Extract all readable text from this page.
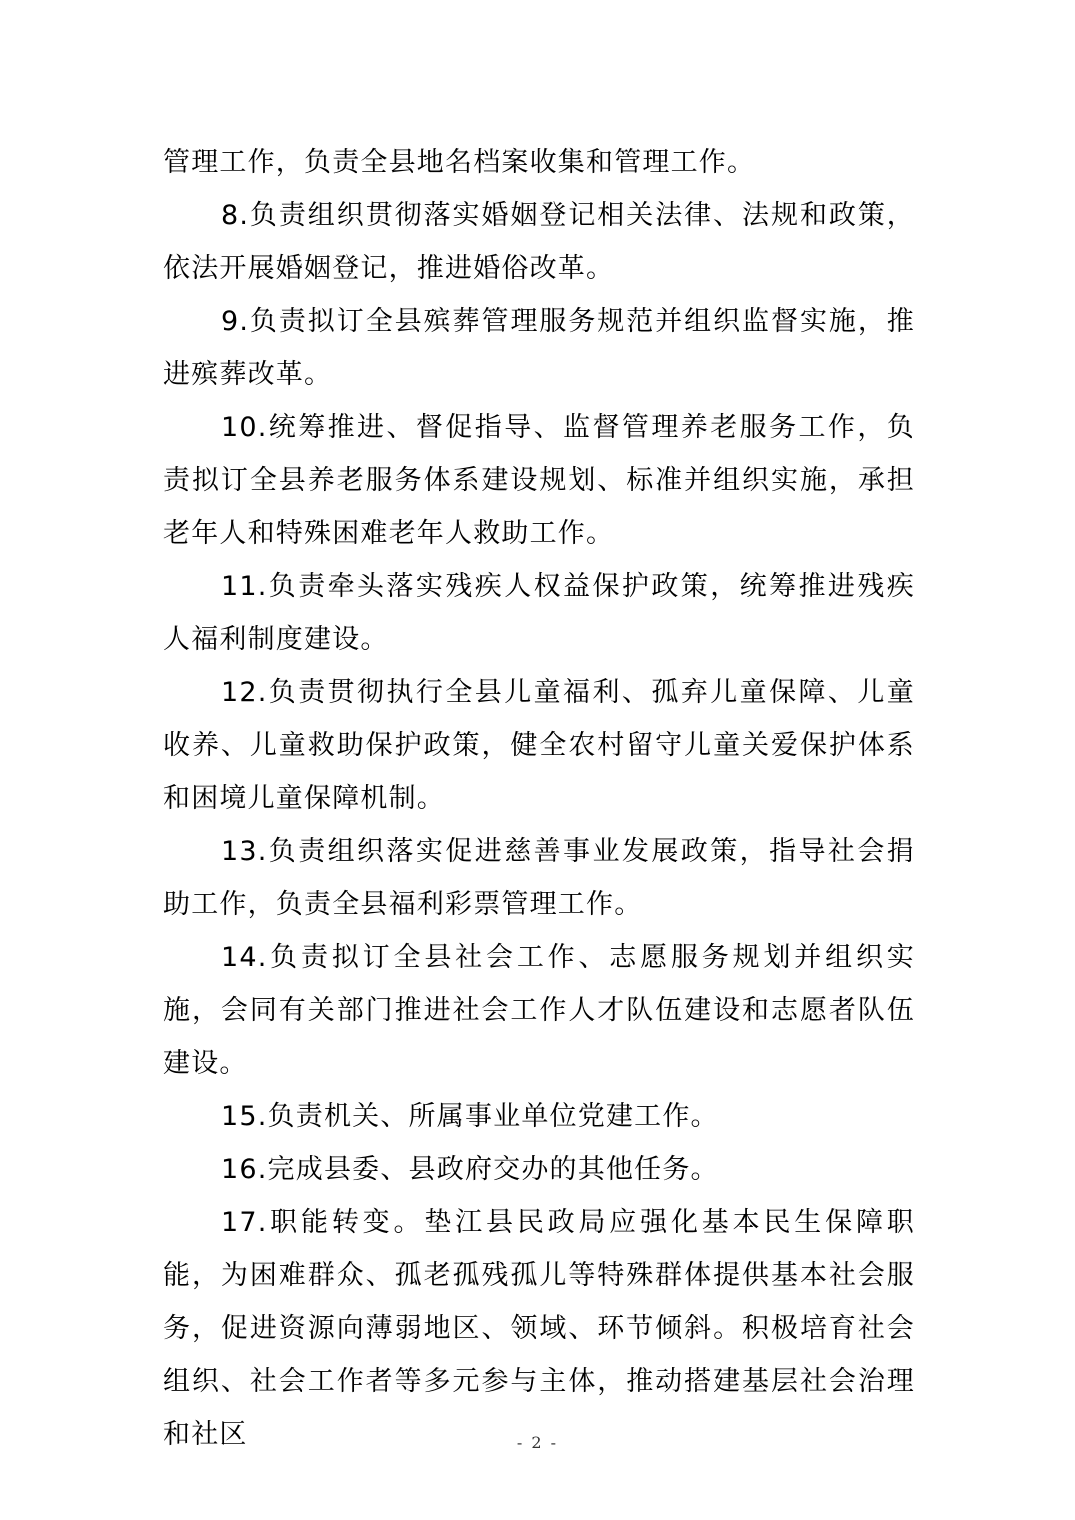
管理工作，负责全县地名档案收集和管理工作。

8.负责组织贯彻落实婚姻登记相关法律、法规和政策，依法开展婚姻登记，推进婚俗改革。

9.负责拟订全县殡葬管理服务规范并组织监督实施，推进殡葬改革。

10.统筹推进、督促指导、监督管理养老服务工作，负责拟订全县养老服务体系建设规划、标准并组织实施，承担老年人和特殊困难老年人救助工作。

11.负责牵头落实残疾人权益保护政策，统筹推进残疾人福利制度建设。

12.负责贯彻执行全县儿童福利、孤弃儿童保障、儿童收养、儿童救助保护政策，健全农村留守儿童关爱保护体系和困境儿童保障机制。

13.负责组织落实促进慈善事业发展政策，指导社会捐助工作，负责全县福利彩票管理工作。

14.负责拟订全县社会工作、志愿服务规划并组织实施，会同有关部门推进社会工作人才队伍建设和志愿者队伍建设。

15.负责机关、所属事业单位党建工作。

16.完成县委、县政府交办的其他任务。

17.职能转变。垫江县民政局应强化基本民生保障职能，为困难群众、孤老孤残孤儿等特殊群体提供基本社会服务，促进资源向薄弱地区、领域、环节倾斜。积极培育社会组织、社会工作者等多元参与主体，推动搭建基层社会治理和社区	- 2 -
